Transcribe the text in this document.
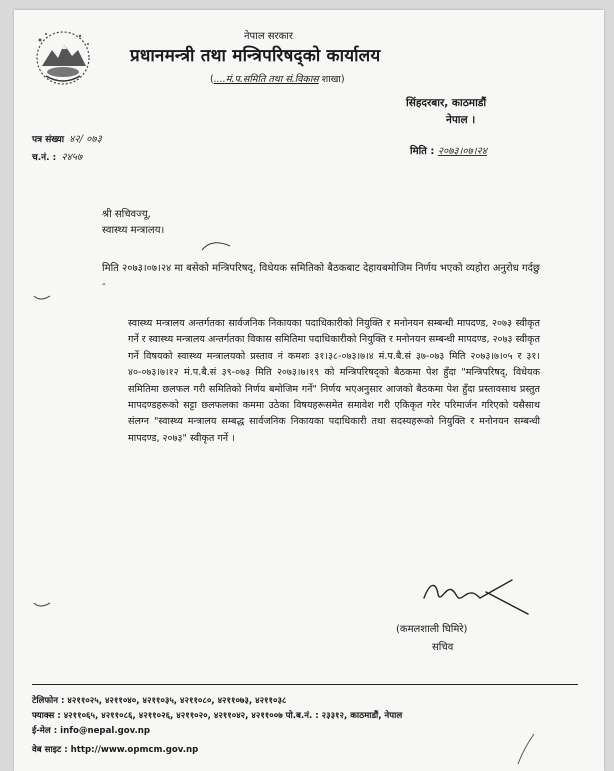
नेपाल सरकार
प्रधानमन्त्री तथा मन्त्रिपरिषद्को कार्यालय
(....मं.प.समिति तथा सं.विकास शाखा)
सिंहदरबार, काठमाडौं
नेपाल ।
पत्र संख्या ४२/ ०७३
च.नं. : २४५७
मिति : २०७३।०७।२४
श्री सचिवज्यू,
स्वास्थ्य मन्त्रालय।
मिति २०७३।०७।२४ मा बसेको मन्त्रिपरिषद्, विधेयक समितिको बैठकबाट देहायबमोजिम निर्णय भएको व्यहोरा अनुरोध गर्दछु -
स्वास्थ्य मन्त्रालय अन्तर्गतका सार्वजनिक निकायका पदाधिकारीको नियुक्ति र मनोनयन सम्बन्धी मापदण्ड, २०७३ स्वीकृत गर्ने र स्वास्थ्य मन्त्रालय अन्तर्गतका विकास समितिमा पदाधिकारीको नियुक्ति र मनोनयन सम्बन्धी मापदण्ड, २०७३ स्वीकृत गर्ने विषयको स्वास्थ्य मन्त्रालयको प्रस्ताव नं कमशः ३१।३८-०७३।७।४ मं.प.बै.सं ३७-०७३ मिति २०७३।७।०५ र ३१।४०-०७३।७।१२ मं.प.बै.सं ३९-०७३ मिति २०७३।७।१९ को मन्त्रिपरिषद्को बैठकमा पेश हुँदा "मन्त्रिपरिषद्, विधेयक समितिमा छलफल गरी समितिको निर्णय बमोजिम गर्ने" निर्णय भएअनुसार आजको बैठकमा पेश हुँदा प्रस्तावसाथ प्रस्तुत मापदण्डहरूको सट्टा छलफलका कममा उठेका विषयहरूसमेत समावेश गरी एकिकृत गरेर परिमार्जन गरिएको यसैसाथ संलग्न "स्वास्थ्य मन्त्रालय सम्बद्ध सार्वजनिक निकायका पदाधिकारी तथा सदस्यहरूको नियुक्ति र मनोनयन सम्बन्धी मापदण्ड, २०७३" स्वीकृत गर्ने ।
(कमलशाली घिमिरे)
सचिव
टेलिफोन : ४२११०२५, ४२११०४०, ४२११०३५, ४२११०८०, ४२११०७३, ४२११०३८
फ्याक्स : ४२११०६५, ४२११०८६, ४२११०२६, ४२११०२०, ४२११०४२, ४२११००७ पो.ब.नं. : २३३१२, काठमाडौं, नेपाल
ई-मेल : info@nepal.gov.np
वेब साइट : http://www.opmcm.gov.np
